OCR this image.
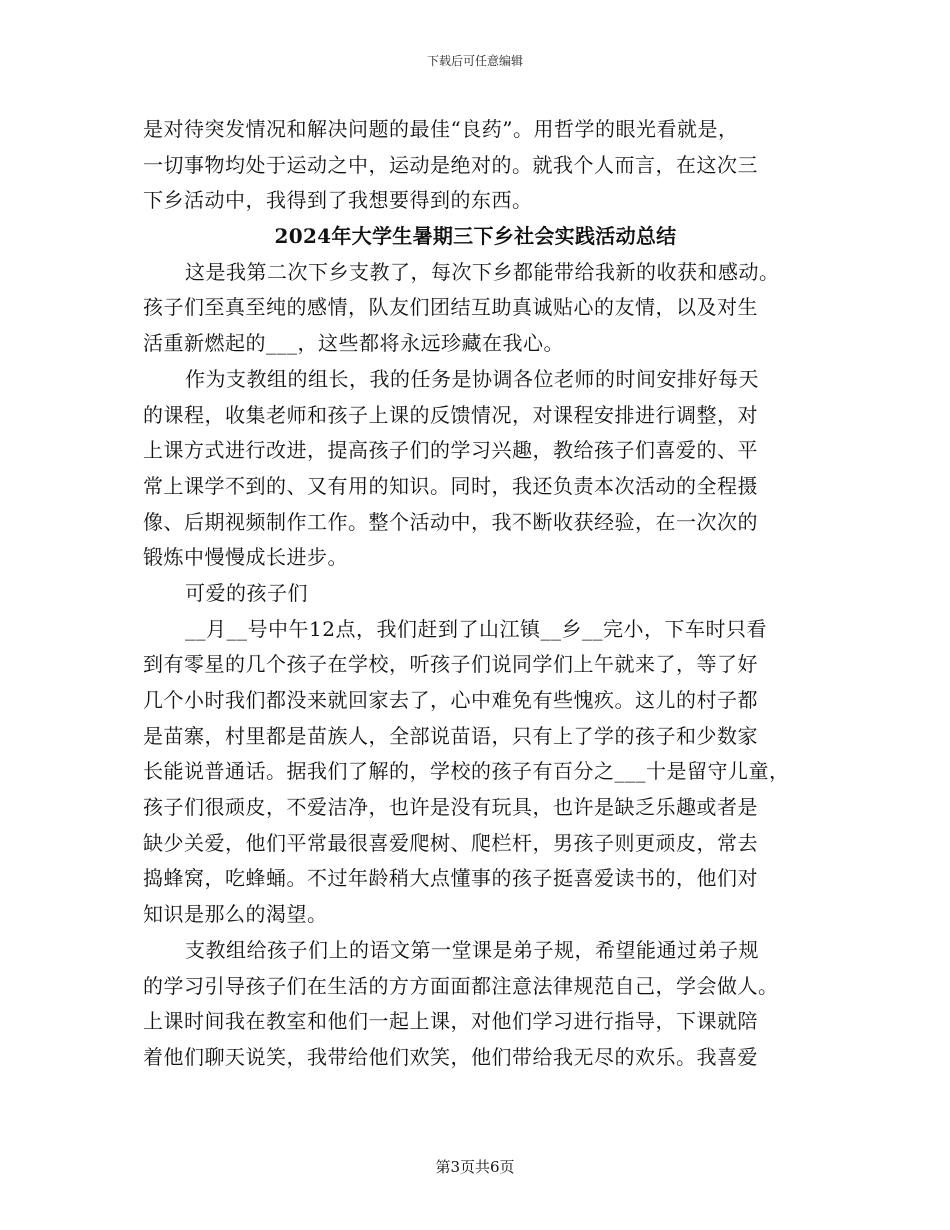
下载后可任意编辑
是对待突发情况和解决问题的最佳“良药”。用哲学的眼光看就是，
一切事物均处于运动之中，运动是绝对的。就我个人而言，在这次三
下乡活动中，我得到了我想要得到的东西。
2024年大学生暑期三下乡社会实践活动总结
这是我第二次下乡支教了，每次下乡都能带给我新的收获和感动。
孩子们至真至纯的感情，队友们团结互助真诚贴心的友情，以及对生
活重新燃起的___，这些都将永远珍藏在我心。
作为支教组的组长，我的任务是协调各位老师的时间安排好每天
的课程，收集老师和孩子上课的反馈情况，对课程安排进行调整，对
上课方式进行改进，提高孩子们的学习兴趣，教给孩子们喜爱的、平
常上课学不到的、又有用的知识。同时，我还负责本次活动的全程摄
像、后期视频制作工作。整个活动中，我不断收获经验，在一次次的
锻炼中慢慢成长进步。
可爱的孩子们
__月__号中午12点，我们赶到了山江镇__乡__完小，下车时只看
到有零星的几个孩子在学校，听孩子们说同学们上午就来了，等了好
几个小时我们都没来就回家去了，心中难免有些愧疚。这儿的村子都
是苗寨，村里都是苗族人，全部说苗语，只有上了学的孩子和少数家
长能说普通话。据我们了解的，学校的孩子有百分之___十是留守儿童，
孩子们很顽皮，不爱洁净，也许是没有玩具，也许是缺乏乐趣或者是
缺少关爱，他们平常最很喜爱爬树、爬栏杆，男孩子则更顽皮，常去
捣蜂窝，吃蜂蛹。不过年龄稍大点懂事的孩子挺喜爱读书的，他们对
知识是那么的渴望。
支教组给孩子们上的语文第一堂课是弟子规，希望能通过弟子规
的学习引导孩子们在生活的方方面面都注意法律规范自己，学会做人。
上课时间我在教室和他们一起上课，对他们学习进行指导，下课就陪
着他们聊天说笑，我带给他们欢笑，他们带给我无尽的欢乐。我喜爱
第3页共6页
